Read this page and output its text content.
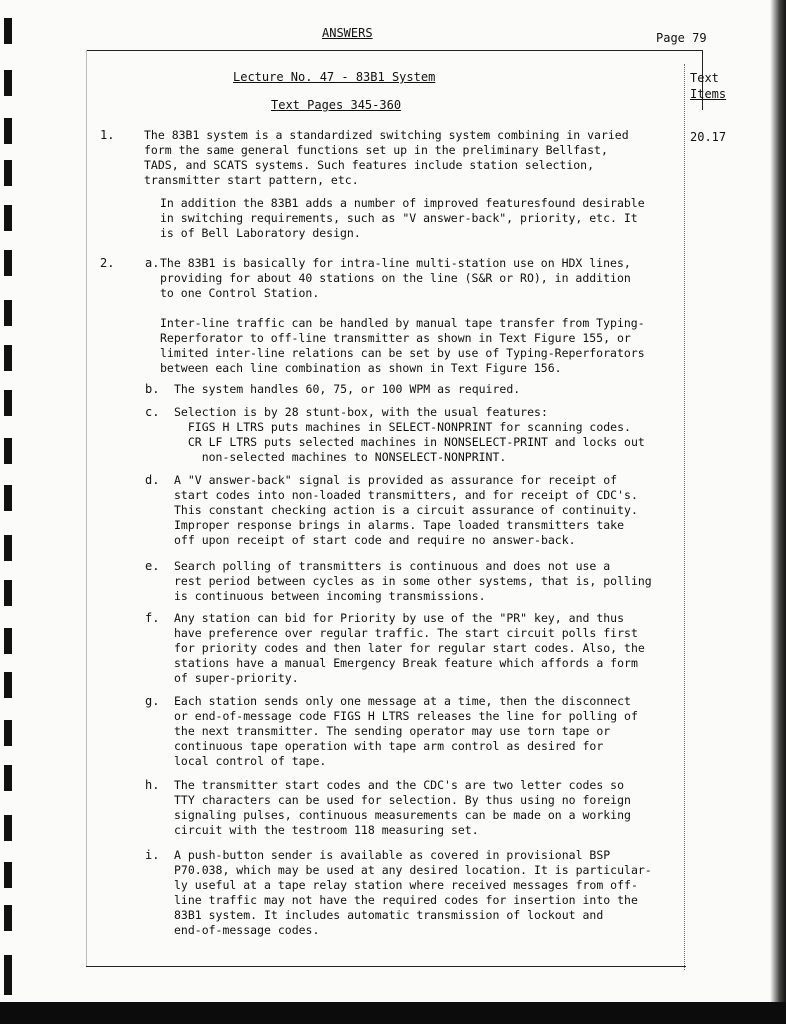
ANSWERS	Page 79
Lecture No. 47 - 83B1 System
Text Pages 345-360
Text
Items
20.17
1.	The 83B1 system is a standardized switching system combining in varied
form the same general functions set up in the preliminary Bellfast,
TADS, and SCATS systems. Such features include station selection,
transmitter start pattern, etc.
In addition the 83B1 adds a number of improved featuresfound desirable
in switching requirements, such as "V answer-back", priority, etc. It
is of Bell Laboratory design.
2.	a. The 83B1 is basically for intra-line multi-station use on HDX lines,
providing for about 40 stations on the line (S&R or RO), in addition
to one Control Station.
Inter-line traffic can be handled by manual tape transfer from Typing-
Reperforator to off-line transmitter as shown in Text Figure 155, or
limited inter-line relations can be set by use of Typing-Reperforators
between each line combination as shown in Text Figure 156.
b. The system handles 60, 75, or 100 WPM as required.
c. Selection is by 28 stunt-box, with the usual features:
FIGS H LTRS puts machines in SELECT-NONPRINT for scanning codes.
CR LF LTRS puts selected machines in NONSELECT-PRINT and locks out
non-selected machines to NONSELECT-NONPRINT.
d. A "V answer-back" signal is provided as assurance for receipt of
start codes into non-loaded transmitters, and for receipt of CDC's.
This constant checking action is a circuit assurance of continuity.
Improper response brings in alarms. Tape loaded transmitters take
off upon receipt of start code and require no answer-back.
e. Search polling of transmitters is continuous and does not use a
rest period between cycles as in some other systems, that is, polling
is continuous between incoming transmissions.
f. Any station can bid for Priority by use of the "PR" key, and thus
have preference over regular traffic. The start circuit polls first
for priority codes and then later for regular start codes. Also, the
stations have a manual Emergency Break feature which affords a form
of super-priority.
g. Each station sends only one message at a time, then the disconnect
or end-of-message code FIGS H LTRS releases the line for polling of
the next transmitter. The sending operator may use torn tape or
continuous tape operation with tape arm control as desired for
local control of tape.
h. The transmitter start codes and the CDC's are two letter codes so
TTY characters can be used for selection. By thus using no foreign
signaling pulses, continuous measurements can be made on a working
circuit with the testroom 118 measuring set.
i. A push-button sender is available as covered in provisional BSP
P70.038, which may be used at any desired location. It is particular-
ly useful at a tape relay station where received messages from off-
line traffic may not have the required codes for insertion into the
83B1 system. It includes automatic transmission of lockout and
end-of-message codes.
